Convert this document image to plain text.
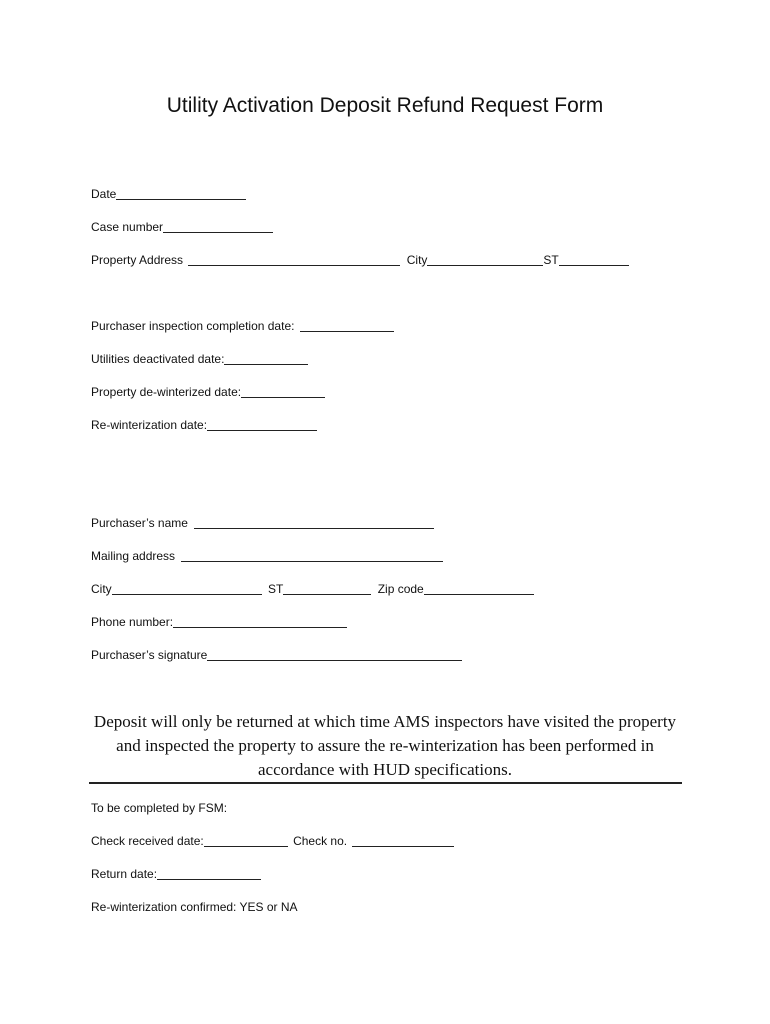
Utility Activation Deposit Refund Request Form
Date
Case number
Property Address	City	ST
Purchaser inspection completion date:
Utilities deactivated date:
Property de-winterized date:
Re-winterization date:
Purchaser’s name
Mailing address
City	ST	Zip code
Phone number:
Purchaser’s signature
Deposit will only be returned at which time AMS inspectors have visited the property and inspected the property to assure the re-winterization has been performed in accordance with HUD specifications.
To be completed by FSM:
Check received date:	Check no.
Return date:
Re-winterization confirmed: YES or NA
